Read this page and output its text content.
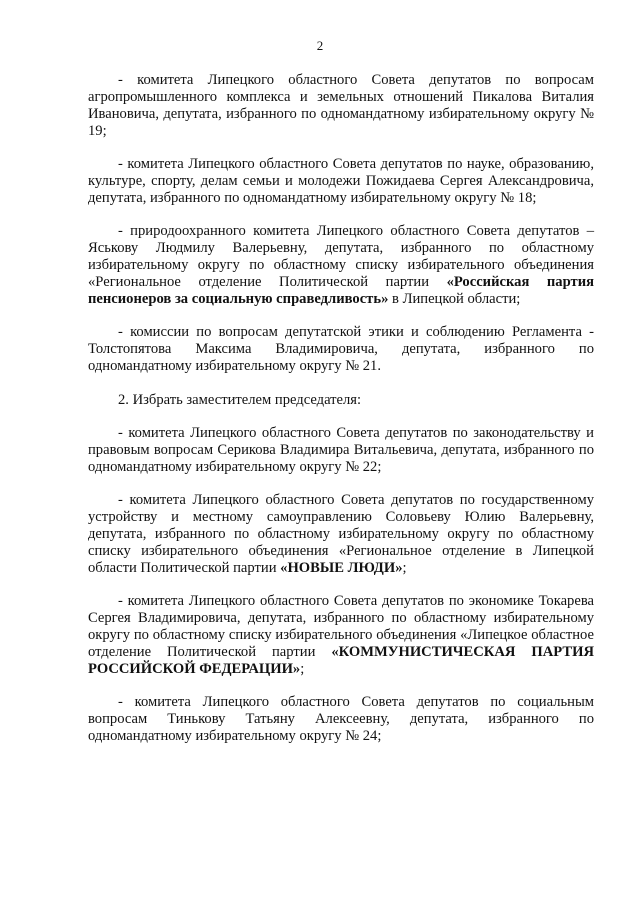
2

- комитета Липецкого областного Совета депутатов по вопросам агропромышленного комплекса и земельных отношений Пикалова Виталия Ивановича, депутата, избранного по одномандатному избирательному округу № 19;

- комитета Липецкого областного Совета депутатов по науке, образованию, культуре, спорту, делам семьи и молодежи Пожидаева Сергея Александровича, депутата, избранного по одномандатному избирательному округу № 18;

- природоохранного комитета Липецкого областного Совета депутатов – Яськову Людмилу Валерьевну, депутата, избранного по областному избирательному округу по областному списку избирательного объединения «Региональное отделение Политической партии «Российская партия пенсионеров за социальную справедливость» в Липецкой области;

- комиссии по вопросам депутатской этики и соблюдению Регламента - Толстопятова Максима Владимировича, депутата, избранного по одномандатному избирательному округу № 21.

2. Избрать заместителем председателя:

- комитета Липецкого областного Совета депутатов по законодательству и правовым вопросам Серикова Владимира Витальевича, депутата, избранного по одномандатному избирательному округу № 22;

- комитета Липецкого областного Совета депутатов по государственному устройству и местному самоуправлению Соловьеву Юлию Валерьевну, депутата, избранного по областному избирательному округу по областному списку избирательного объединения «Региональное отделение в Липецкой области Политической партии «НОВЫЕ ЛЮДИ»;

- комитета Липецкого областного Совета депутатов по экономике Токарева Сергея Владимировича, депутата, избранного по областному избирательному округу по областному списку избирательного объединения «Липецкое областное отделение Политической партии «КОММУНИСТИЧЕСКАЯ ПАРТИЯ РОССИЙСКОЙ ФЕДЕРАЦИИ»;

- комитета Липецкого областного Совета депутатов по социальным вопросам Тинькову Татьяну Алексеевну, депутата, избранного по одномандатному избирательному округу № 24;
